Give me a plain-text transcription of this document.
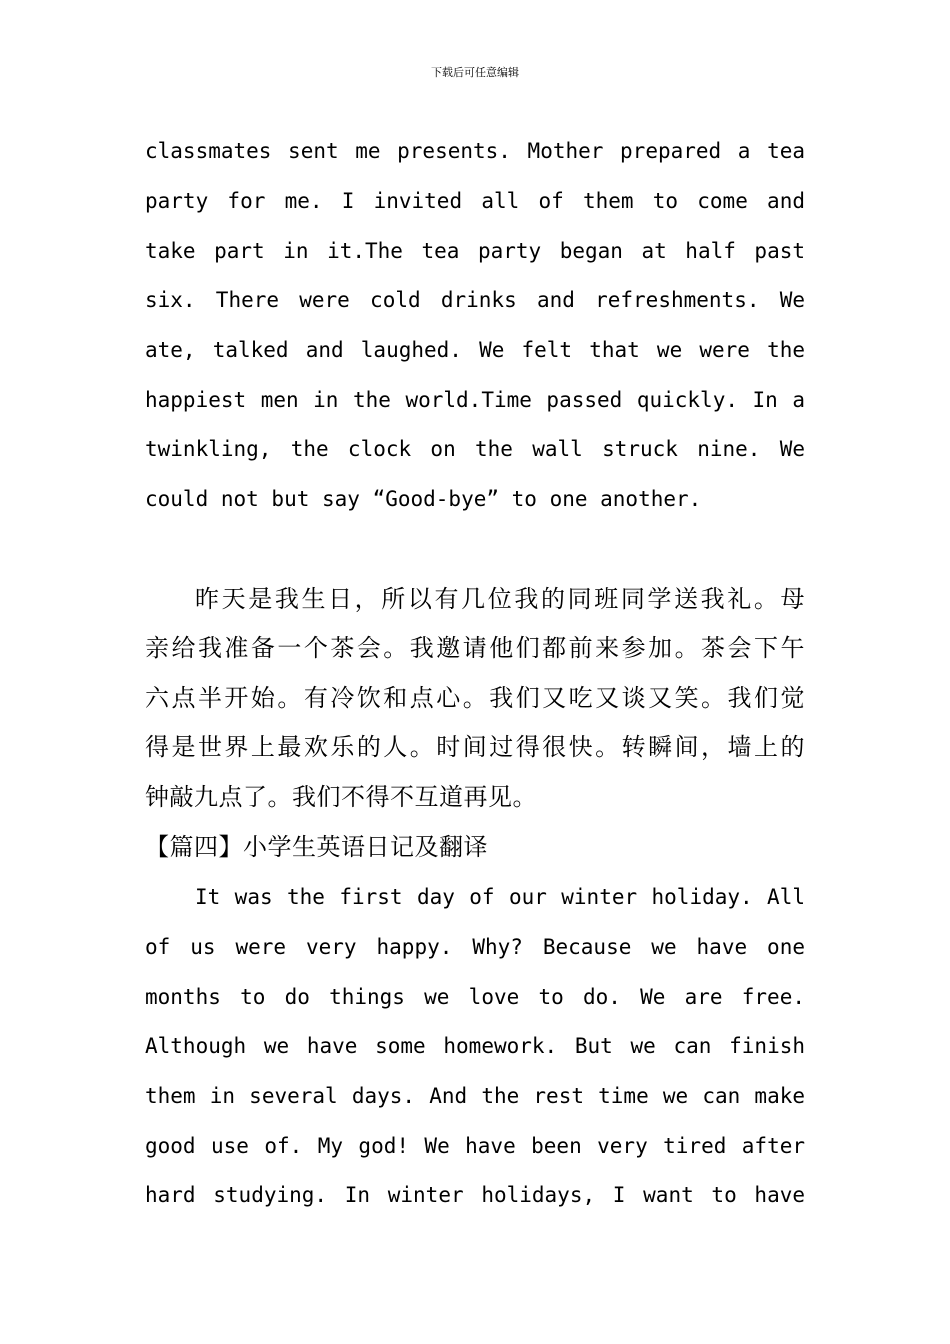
下载后可任意编辑
classmates sent me presents. Mother prepared a tea
party for me. I invited all of them to come and
take part in it.The tea party began at half past
six. There were cold drinks and refreshments. We
ate, talked and laughed. We felt that we were the
happiest men in the world.Time passed quickly. In a
twinkling, the clock on the wall struck nine. We
could not but say “Good-bye” to one another.
昨天是我生日，所以有几位我的同班同学送我礼。母
亲给我准备一个茶会。我邀请他们都前来参加。茶会下午
六点半开始。有冷饮和点心。我们又吃又谈又笑。我们觉
得是世界上最欢乐的人。时间过得很快。转瞬间，墙上的
钟敲九点了。我们不得不互道再见。
【篇四】小学生英语日记及翻译
It was the first day of our winter holiday. All
of us were very happy. Why? Because we have one
months to do things we love to do. We are free.
Although we have some homework. But we can finish
them in several days. And the rest time we can make
good use of. My god! We have been very tired after
hard studying. In winter holidays, I want to have
